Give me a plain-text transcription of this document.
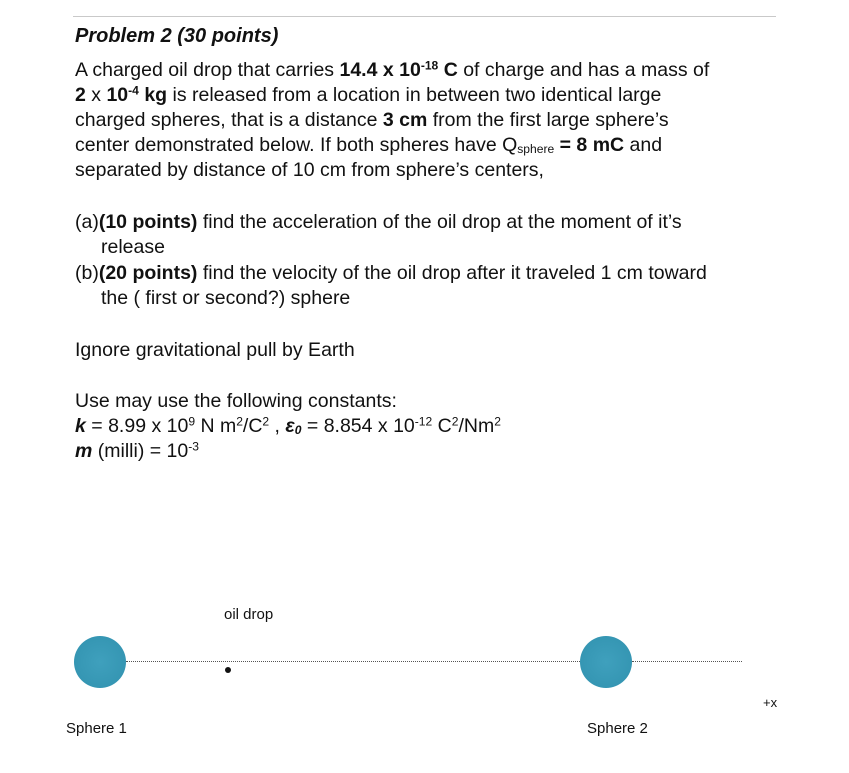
Problem 2 (30 points)
A charged oil drop that carries 14.4 x $10^{-18}$ C of charge and has a mass of
2 x $10^{-4}$ kg is released from a location in between two identical large
charged spheres, that is a distance 3 cm from the first large sphere’s
center demonstrated below. If both spheres have $Q_{sphere} = 8$ mC and
separated by distance of 10 cm from sphere’s centers,
(a)(10 points) find the acceleration of the oil drop at the moment of it’s
release
(b)(20 points) find the velocity of the oil drop after it traveled 1 cm toward
the ( first or second?) sphere
Ignore gravitational pull by Earth
Use may use the following constants:
k = 8.99 x $10^9$ N $m^2/C^2$ , $\varepsilon_0 = 8.854$ x $10^{-12}$ $C^2/Nm^2$
m (milli) = $10^{-3}$
oil drop
+x
Sphere 1	Sphere 2
